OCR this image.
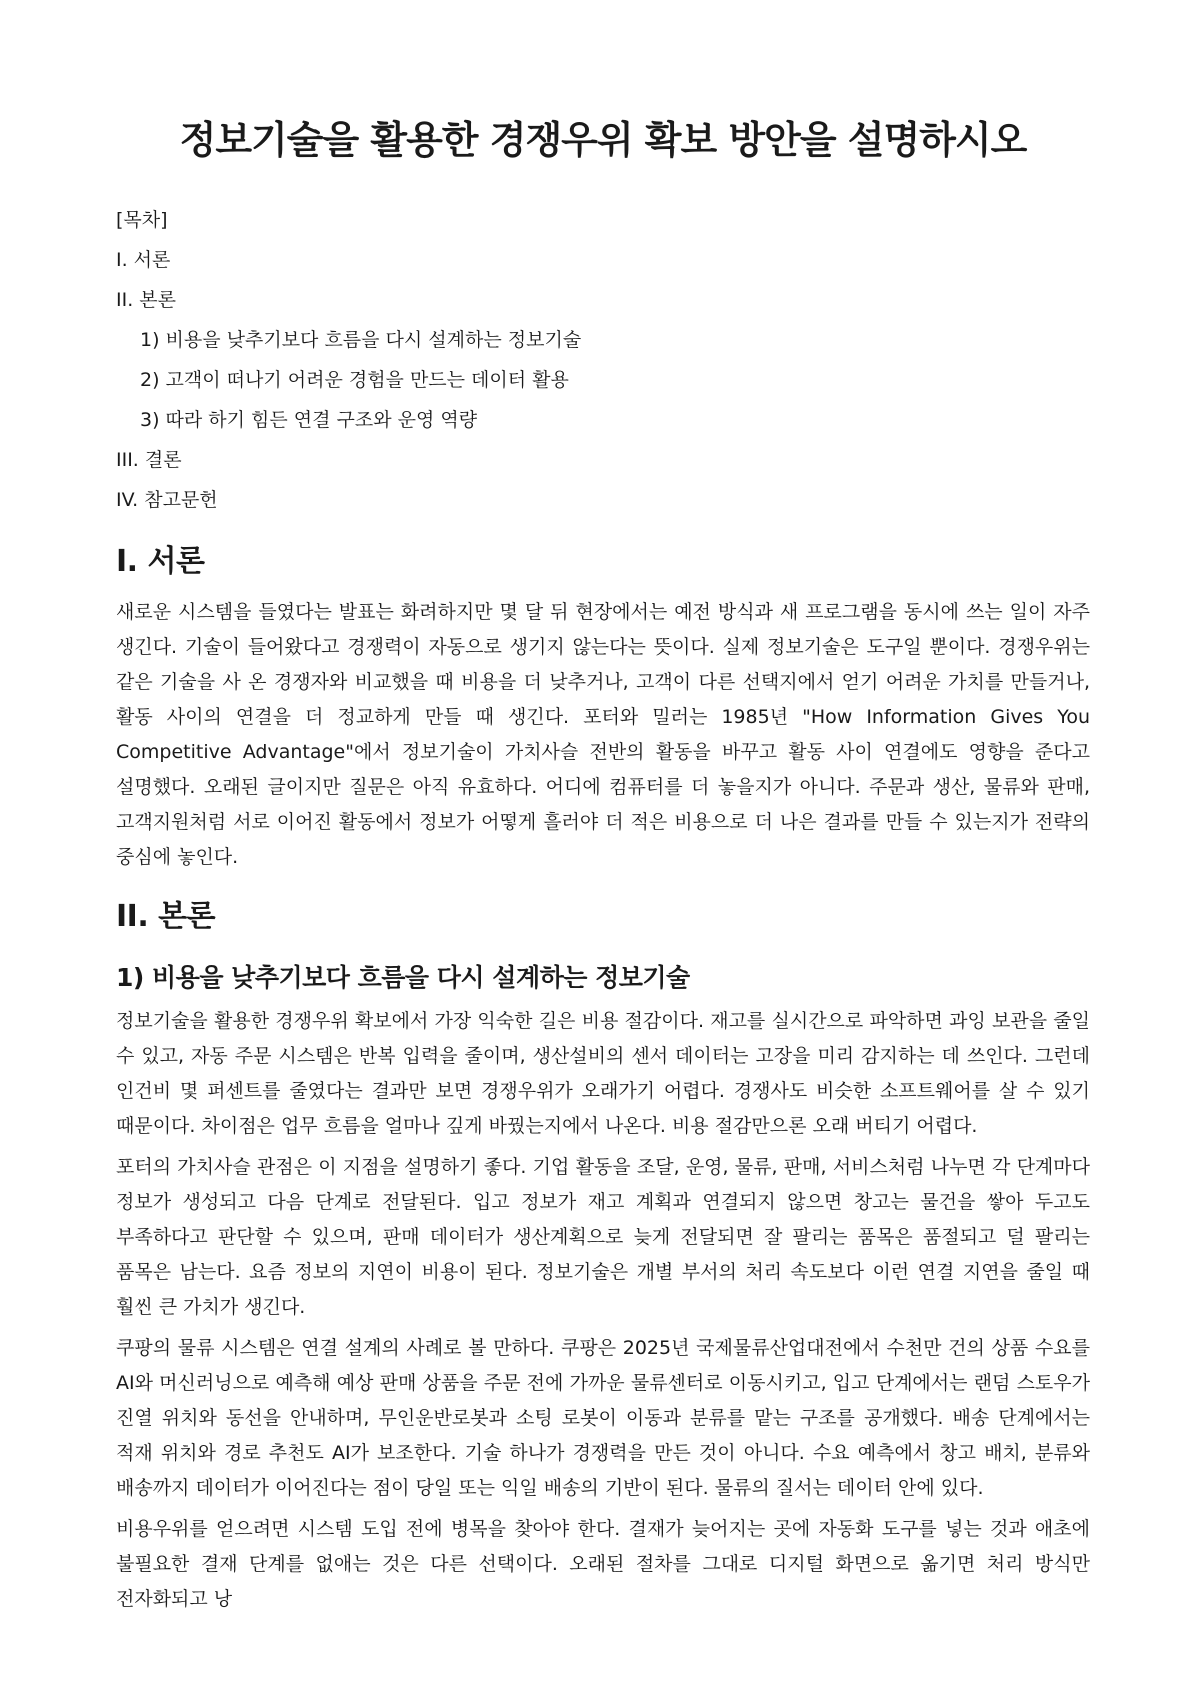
정보기술을 활용한 경쟁우위 확보 방안을 설명하시오
[목차]
I. 서론
II. 본론
1) 비용을 낮추기보다 흐름을 다시 설계하는 정보기술
2) 고객이 떠나기 어려운 경험을 만드는 데이터 활용
3) 따라 하기 힘든 연결 구조와 운영 역량
III. 결론
IV. 참고문헌
I. 서론

새로운 시스템을 들였다는 발표는 화려하지만 몇 달 뒤 현장에서는 예전 방식과 새 프로그램을 동시에 쓰는 일이 자주 생긴다. 기술이 들어왔다고 경쟁력이 자동으로 생기지 않는다는 뜻이다. 실제 정보기술은 도구일 뿐이다. 경쟁우위는 같은 기술을 사 온 경쟁자와 비교했을 때 비용을 더 낮추거나, 고객이 다른 선택지에서 얻기 어려운 가치를 만들거나, 활동 사이의 연결을 더 정교하게 만들 때 생긴다. 포터와 밀러는 1985년 "How Information Gives You Competitive Advantage"에서 정보기술이 가치사슬 전반의 활동을 바꾸고 활동 사이 연결에도 영향을 준다고 설명했다. 오래된 글이지만 질문은 아직 유효하다. 어디에 컴퓨터를 더 놓을지가 아니다. 주문과 생산, 물류와 판매, 고객지원처럼 서로 이어진 활동에서 정보가 어떻게 흘러야 더 적은 비용으로 더 나은 결과를 만들 수 있는지가 전략의 중심에 놓인다.

II. 본론
1) 비용을 낮추기보다 흐름을 다시 설계하는 정보기술

정보기술을 활용한 경쟁우위 확보에서 가장 익숙한 길은 비용 절감이다. 재고를 실시간으로 파악하면 과잉 보관을 줄일 수 있고, 자동 주문 시스템은 반복 입력을 줄이며, 생산설비의 센서 데이터는 고장을 미리 감지하는 데 쓰인다. 그런데 인건비 몇 퍼센트를 줄였다는 결과만 보면 경쟁우위가 오래가기 어렵다. 경쟁사도 비슷한 소프트웨어를 살 수 있기 때문이다. 차이점은 업무 흐름을 얼마나 깊게 바꿨는지에서 나온다. 비용 절감만으론 오래 버티기 어렵다.

포터의 가치사슬 관점은 이 지점을 설명하기 좋다. 기업 활동을 조달, 운영, 물류, 판매, 서비스처럼 나누면 각 단계마다 정보가 생성되고 다음 단계로 전달된다. 입고 정보가 재고 계획과 연결되지 않으면 창고는 물건을 쌓아 두고도 부족하다고 판단할 수 있으며, 판매 데이터가 생산계획으로 늦게 전달되면 잘 팔리는 품목은 품절되고 덜 팔리는 품목은 남는다. 요즘 정보의 지연이 비용이 된다. 정보기술은 개별 부서의 처리 속도보다 이런 연결 지연을 줄일 때 훨씬 큰 가치가 생긴다.

쿠팡의 물류 시스템은 연결 설계의 사례로 볼 만하다. 쿠팡은 2025년 국제물류산업대전에서 수천만 건의 상품 수요를 AI와 머신러닝으로 예측해 예상 판매 상품을 주문 전에 가까운 물류센터로 이동시키고, 입고 단계에서는 랜덤 스토우가 진열 위치와 동선을 안내하며, 무인운반로봇과 소팅 로봇이 이동과 분류를 맡는 구조를 공개했다. 배송 단계에서는 적재 위치와 경로 추천도 AI가 보조한다. 기술 하나가 경쟁력을 만든 것이 아니다. 수요 예측에서 창고 배치, 분류와 배송까지 데이터가 이어진다는 점이 당일 또는 익일 배송의 기반이 된다. 물류의 질서는 데이터 안에 있다.

비용우위를 얻으려면 시스템 도입 전에 병목을 찾아야 한다. 결재가 늦어지는 곳에 자동화 도구를 넣는 것과 애초에 불필요한 결재 단계를 없애는 것은 다른 선택이다. 오래된 절차를 그대로 디지털 화면으로 옮기면 처리 방식만 전자화되고 낭
